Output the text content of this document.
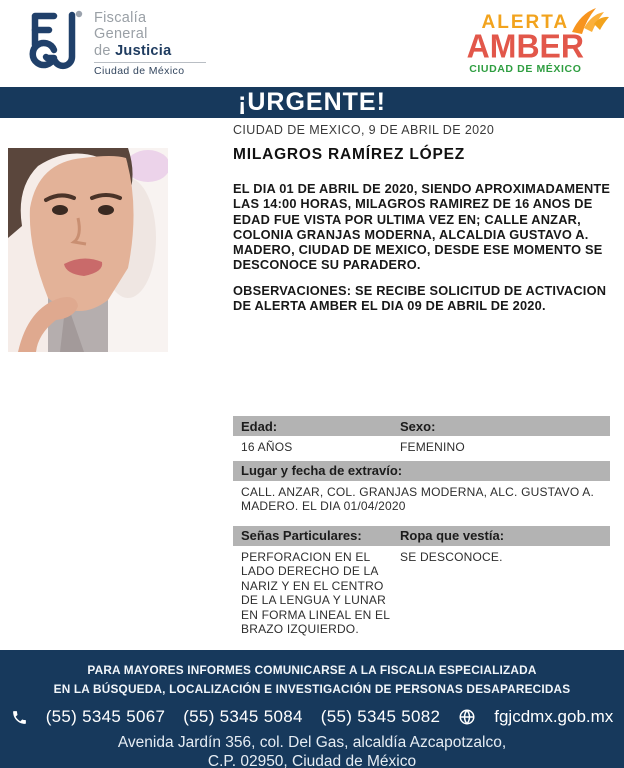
Fiscalía
General
de Justicia
Ciudad de México
ALERTA
AMBER
CIUDAD DE MÉXICO
¡URGENTE!
CIUDAD DE MEXICO, 9 DE ABRIL DE 2020
MILAGROS RAMÍREZ LÓPEZ
EL DIA 01 DE ABRIL DE 2020, SIENDO APROXIMADAMENTE LAS 14:00 HORAS, MILAGROS RAMIREZ DE 16 ANOS DE EDAD FUE VISTA POR ULTIMA VEZ EN; CALLE ANZAR, COLONIA GRANJAS MODERNA, ALCALDIA GUSTAVO A. MADERO, CIUDAD DE MEXICO, DESDE ESE MOMENTO SE DESCONOCE SU PARADERO.
OBSERVACIONES: SE RECIBE SOLICITUD DE ACTIVACION DE ALERTA AMBER EL DIA 09 DE ABRIL DE 2020.
Edad:	Sexo:
16 AÑOS	FEMENINO
Lugar y fecha de extravío:
CALL. ANZAR, COL. GRANJAS MODERNA, ALC. GUSTAVO A. MADERO. EL DIA 01/04/2020
Señas Particulares:	Ropa que vestía:
PERFORACION EN EL LADO DERECHO DE LA NARIZ Y EN EL CENTRO DE LA LENGUA Y LUNAR EN FORMA LINEAL EN EL BRAZO IZQUIERDO.
SE DESCONOCE.
PARA MAYORES INFORMES COMUNICARSE A LA FISCALIA ESPECIALIZADA
EN LA BÚSQUEDA, LOCALIZACIÓN E INVESTIGACIÓN DE PERSONAS DESAPARECIDAS
(55) 5345 5067 (55) 5345 5084 (55) 5345 5082	fgjcdmx.gob.mx
Avenida Jardín 356, col. Del Gas, alcaldía Azcapotzalco,
C.P. 02950, Ciudad de México
